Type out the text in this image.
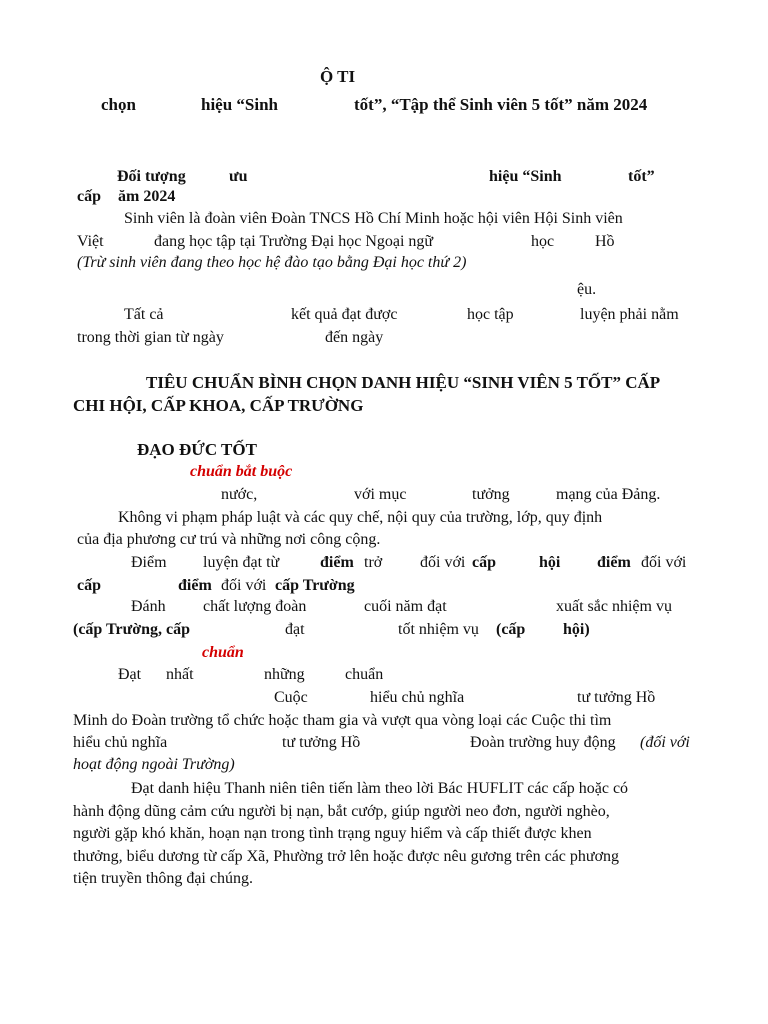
Ộ TI
chọn	hiệu “Sinh	tốt”, “Tập thể Sinh viên 5 tốt” năm 2024
Đối tượng	ưu	hiệu “Sinh	tốt”
cấp ăm 2024
Sinh viên là đoàn viên Đoàn TNCS Hồ Chí Minh hoặc hội viên Hội Sinh viên
Việt	đang học tập tại Trường Đại học Ngoại ngữ	học	Hồ
(Trừ sinh viên đang theo học hệ đào tạo bằng Đại học thứ 2)
ệu.
Tất cả	kết quả đạt được	học tập	luyện phải nằm
trong thời gian từ ngày	đến ngày
TIÊU CHUẨN BÌNH CHỌN DANH HIỆU “SINH VIÊN 5 TỐT” CẤP
CHI HỘI, CẤP KHOA, CẤP TRƯỜNG
ĐẠO ĐỨC TỐT
chuẩn bắt buộc
nước,	với mục	tưởng	mạng của Đảng.
Không vi phạm pháp luật và các quy chế, nội quy của trường, lớp, quy định
của địa phương cư trú và những nơi công cộng.
Điểm luyện đạt từ	điểm trở đối với cấp	hội điểm đối với
cấp	điểm đối với cấp Trường
Đánh chất lượng đoàn	cuối năm đạt	xuất sắc nhiệm vụ
(cấp Trường, cấp	đạt	tốt nhiệm vụ (cấp hội)
chuẩn
Đạt nhất	những	chuẩn
Cuộc	hiểu chủ nghĩa	tư tưởng Hồ
Minh do Đoàn trường tổ chức hoặc tham gia và vượt qua vòng loại các Cuộc thi tìm
hiểu chủ nghĩa	tư tưởng Hồ	Đoàn trường huy động (đối với
hoạt động ngoài Trường)
Đạt danh hiệu Thanh niên tiên tiến làm theo lời Bác HUFLIT các cấp hoặc có
hành động dũng cảm cứu người bị nạn, bắt cướp, giúp người neo đơn, người nghèo,
người gặp khó khăn, hoạn nạn trong tình trạng nguy hiểm và cấp thiết được khen
thưởng, biểu dương từ cấp Xã, Phường trở lên hoặc được nêu gương trên các phương
tiện truyền thông đại chúng.
